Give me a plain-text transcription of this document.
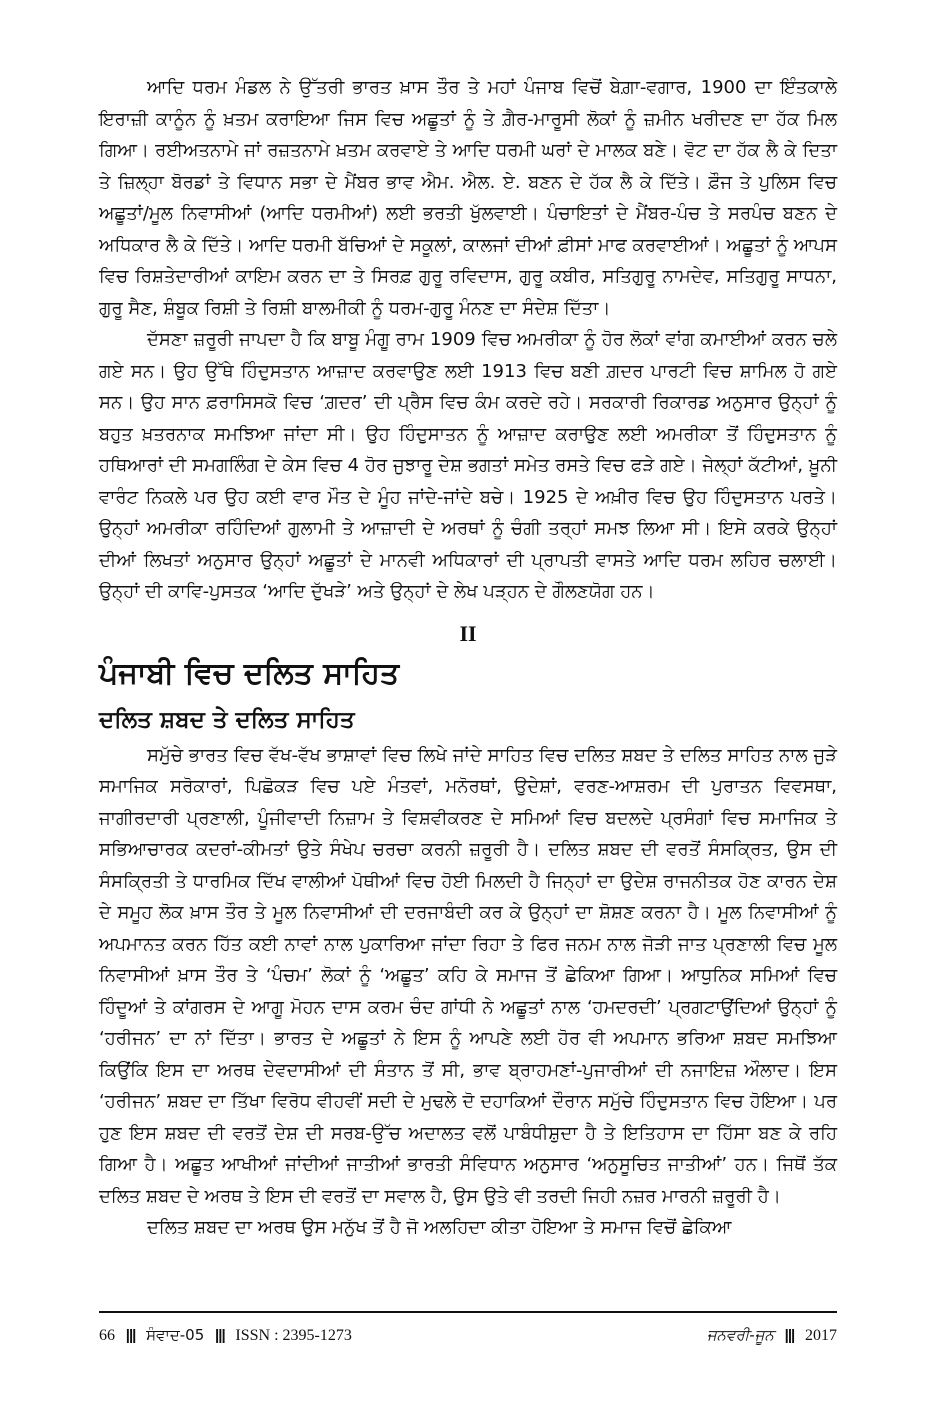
ਆਦਿ ਧਰਮ ਮੰਡਲ ਨੇ ਉੱਤਰੀ ਭਾਰਤ ਖ਼ਾਸ ਤੌਰ ਤੇ ਮਹਾਂ ਪੰਜਾਬ ਵਿਚੋਂ ਬੇਗ਼ਾ-ਵਗਾਰ, 1900 ਦਾ ਇੰਤਕਾਲੇ ਇਰਾਜ਼ੀ ਕਾਨੂੰਨ ਨੂੰ ਖ਼ਤਮ ਕਰਾਇਆ ਜਿਸ ਵਿਚ ਅਛੂਤਾਂ ਨੂੰ ਤੇ ਗ਼ੈਰ-ਮਾਰੂਸੀ ਲੋਕਾਂ ਨੂੰ ਜ਼ਮੀਨ ਖਰੀਦਣ ਦਾ ਹੱਕ ਮਿਲ ਗਿਆ। ਰਈਅਤਨਾਮੇ ਜਾਂ ਰਜ਼ਤਨਾਮੇ ਖ਼ਤਮ ਕਰਵਾਏ ਤੇ ਆਦਿ ਧਰਮੀ ਘਰਾਂ ਦੇ ਮਾਲਕ ਬਣੇ। ਵੋਟ ਦਾ ਹੱਕ ਲੈ ਕੇ ਦਿਤਾ ਤੇ ਜ਼ਿਲ੍ਹਾ ਬੋਰਡਾਂ ਤੇ ਵਿਧਾਨ ਸਭਾ ਦੇ ਮੈਂਬਰ ਭਾਵ ਐਮ. ਐਲ. ਏ. ਬਣਨ ਦੇ ਹੱਕ ਲੈ ਕੇ ਦਿੱਤੇ। ਫ਼ੌਜ ਤੇ ਪੁਲਿਸ ਵਿਚ ਅਛੂਤਾਂ/ਮੂਲ ਨਿਵਾਸੀਆਂ (ਆਦਿ ਧਰਮੀਆਂ) ਲਈ ਭਰਤੀ ਖੁੱਲਵਾਈ। ਪੰਚਾਇਤਾਂ ਦੇ ਮੈਂਬਰ-ਪੰਚ ਤੇ ਸਰਪੰਚ ਬਣਨ ਦੇ ਅਧਿਕਾਰ ਲੈ ਕੇ ਦਿੱਤੇ। ਆਦਿ ਧਰਮੀ ਬੱਚਿਆਂ ਦੇ ਸਕੂਲਾਂ, ਕਾਲਜਾਂ ਦੀਆਂ ਫ਼ੀਸਾਂ ਮਾਫ ਕਰਵਾਈਆਂ। ਅਛੂਤਾਂ ਨੂੰ ਆਪਸ ਵਿਚ ਰਿਸ਼ਤੇਦਾਰੀਆਂ ਕਾਇਮ ਕਰਨ ਦਾ ਤੇ ਸਿਰਫ਼ ਗੁਰੂ ਰਵਿਦਾਸ, ਗੁਰੂ ਕਬੀਰ, ਸਤਿਗੁਰੂ ਨਾਮਦੇਵ, ਸਤਿਗੁਰੂ ਸਾਧਨਾ, ਗੁਰੂ ਸੈਣ, ਸ਼ੰਬੂਕ ਰਿਸ਼ੀ ਤੇ ਰਿਸ਼ੀ ਬਾਲਮੀਕੀ ਨੂੰ ਧਰਮ-ਗੁਰੂ ਮੰਨਣ ਦਾ ਸੰਦੇਸ਼ ਦਿੱਤਾ।

ਦੱਸਣਾ ਜ਼ਰੂਰੀ ਜਾਪਦਾ ਹੈ ਕਿ ਬਾਬੂ ਮੰਗੂ ਰਾਮ 1909 ਵਿਚ ਅਮਰੀਕਾ ਨੂੰ ਹੋਰ ਲੋਕਾਂ ਵਾਂਗ ਕਮਾਈਆਂ ਕਰਨ ਚਲੇ ਗਏ ਸਨ। ਉਹ ਉੱਥੇ ਹਿੰਦੁਸਤਾਨ ਆਜ਼ਾਦ ਕਰਵਾਉਣ ਲਈ 1913 ਵਿਚ ਬਣੀ ਗ਼ਦਰ ਪਾਰਟੀ ਵਿਚ ਸ਼ਾਮਿਲ ਹੋ ਗਏ ਸਨ। ਉਹ ਸਾਨ ਫ਼ਰਾਸਿਸਕੋ ਵਿਚ ‘ਗ਼ਦਰ’ ਦੀ ਪ੍ਰੈਸ ਵਿਚ ਕੰਮ ਕਰਦੇ ਰਹੇ। ਸਰਕਾਰੀ ਰਿਕਾਰਡ ਅਨੁਸਾਰ ਉਨ੍ਹਾਂ ਨੂੰ ਬਹੁਤ ਖ਼ਤਰਨਾਕ ਸਮਝਿਆ ਜਾਂਦਾ ਸੀ। ਉਹ ਹਿੰਦੁਸਾਤਨ ਨੂੰ ਆਜ਼ਾਦ ਕਰਾਉਣ ਲਈ ਅਮਰੀਕਾ ਤੋਂ ਹਿੰਦੁਸਤਾਨ ਨੂੰ ਹਥਿਆਰਾਂ ਦੀ ਸਮਗਲਿੰਗ ਦੇ ਕੇਸ ਵਿਚ 4 ਹੋਰ ਜੁਝਾਰੂ ਦੇਸ਼ ਭਗਤਾਂ ਸਮੇਤ ਰਸਤੇ ਵਿਚ ਫੜੇ ਗਏ। ਜੇਲ੍ਹਾਂ ਕੱਟੀਆਂ, ਖ਼ੂਨੀ ਵਾਰੰਟ ਨਿਕਲੇ ਪਰ ਉਹ ਕਈ ਵਾਰ ਮੌਤ ਦੇ ਮੂੰਹ ਜਾਂਦੇ-ਜਾਂਦੇ ਬਚੇ। 1925 ਦੇ ਅਖ਼ੀਰ ਵਿਚ ਉਹ ਹਿੰਦੁਸਤਾਨ ਪਰਤੇ। ਉਨ੍ਹਾਂ ਅਮਰੀਕਾ ਰਹਿੰਦਿਆਂ ਗੁਲਾਮੀ ਤੇ ਆਜ਼ਾਦੀ ਦੇ ਅਰਥਾਂ ਨੂੰ ਚੰਗੀ ਤਰ੍ਹਾਂ ਸਮਝ ਲਿਆ ਸੀ। ਇਸੇ ਕਰਕੇ ਉਨ੍ਹਾਂ ਦੀਆਂ ਲਿਖਤਾਂ ਅਨੁਸਾਰ ਉਨ੍ਹਾਂ ਅਛੂਤਾਂ ਦੇ ਮਾਨਵੀ ਅਧਿਕਾਰਾਂ ਦੀ ਪ੍ਰਾਪਤੀ ਵਾਸਤੇ ਆਦਿ ਧਰਮ ਲਹਿਰ ਚਲਾਈ। ਉਨ੍ਹਾਂ ਦੀ ਕਾਵਿ-ਪੁਸਤਕ ‘ਆਦਿ ਦੁੱਖੜੇ’ ਅਤੇ ਉਨ੍ਹਾਂ ਦੇ ਲੇਖ ਪੜ੍ਹਨ ਦੇ ਗੌਲਣਯੋਗ ਹਨ।

II
ਪੰਜਾਬੀ ਵਿਚ ਦਲਿਤ ਸਾਹਿਤ
ਦਲਿਤ ਸ਼ਬਦ ਤੇ ਦਲਿਤ ਸਾਹਿਤ

ਸਮੁੱਚੇ ਭਾਰਤ ਵਿਚ ਵੱਖ-ਵੱਖ ਭਾਸ਼ਾਵਾਂ ਵਿਚ ਲਿਖੇ ਜਾਂਦੇ ਸਾਹਿਤ ਵਿਚ ਦਲਿਤ ਸ਼ਬਦ ਤੇ ਦਲਿਤ ਸਾਹਿਤ ਨਾਲ ਜੁੜੇ ਸਮਾਜਿਕ ਸਰੋਕਾਰਾਂ, ਪਿਛੋਕੜ ਵਿਚ ਪਏ ਮੰਤਵਾਂ, ਮਨੋਰਥਾਂ, ਉਦੇਸ਼ਾਂ, ਵਰਣ-ਆਸ਼ਰਮ ਦੀ ਪੁਰਾਤਨ ਵਿਵਸਥਾ, ਜਾਗੀਰਦਾਰੀ ਪ੍ਰਣਾਲੀ, ਪੂੰਜੀਵਾਦੀ ਨਿਜ਼ਾਮ ਤੇ ਵਿਸ਼ਵੀਕਰਣ ਦੇ ਸਮਿਆਂ ਵਿਚ ਬਦਲਦੇ ਪ੍ਰਸੰਗਾਂ ਵਿਚ ਸਮਾਜਿਕ ਤੇ ਸਭਿਆਚਾਰਕ ਕਦਰਾਂ-ਕੀਮਤਾਂ ਉਤੇ ਸੰਖੇਪ ਚਰਚਾ ਕਰਨੀ ਜ਼ਰੂਰੀ ਹੈ। ਦਲਿਤ ਸ਼ਬਦ ਦੀ ਵਰਤੋਂ ਸੰਸਕ੍ਰਿਤ, ਉਸ ਦੀ ਸੰਸਕ੍ਰਿਤੀ ਤੇ ਧਾਰਮਿਕ ਦਿੱਖ ਵਾਲੀਆਂ ਪੋਥੀਆਂ ਵਿਚ ਹੋਈ ਮਿਲਦੀ ਹੈ ਜਿਨ੍ਹਾਂ ਦਾ ਉਦੇਸ਼ ਰਾਜਨੀਤਕ ਹੋਣ ਕਾਰਨ ਦੇਸ਼ ਦੇ ਸਮੂਹ ਲੋਕ ਖ਼ਾਸ ਤੌਰ ਤੇ ਮੂਲ ਨਿਵਾਸੀਆਂ ਦੀ ਦਰਜਾਬੰਦੀ ਕਰ ਕੇ ਉਨ੍ਹਾਂ ਦਾ ਸ਼ੋਸ਼ਣ ਕਰਨਾ ਹੈ। ਮੂਲ ਨਿਵਾਸੀਆਂ ਨੂੰ ਅਪਮਾਨਤ ਕਰਨ ਹਿੱਤ ਕਈ ਨਾਵਾਂ ਨਾਲ ਪੁਕਾਰਿਆ ਜਾਂਦਾ ਰਿਹਾ ਤੇ ਫਿਰ ਜਨਮ ਨਾਲ ਜੋੜੀ ਜਾਤ ਪ੍ਰਣਾਲੀ ਵਿਚ ਮੂਲ ਨਿਵਾਸੀਆਂ ਖ਼ਾਸ ਤੌਰ ਤੇ ‘ਪੰਚਮ’ ਲੋਕਾਂ ਨੂੰ ‘ਅਛੂਤ’ ਕਹਿ ਕੇ ਸਮਾਜ ਤੋਂ ਛੇਕਿਆ ਗਿਆ। ਆਧੁਨਿਕ ਸਮਿਆਂ ਵਿਚ ਹਿੰਦੂਆਂ ਤੇ ਕਾਂਗਰਸ ਦੇ ਆਗੂ ਮੋਹਨ ਦਾਸ ਕਰਮ ਚੰਦ ਗਾਂਧੀ ਨੇ ਅਛੂਤਾਂ ਨਾਲ ‘ਹਮਦਰਦੀ’ ਪ੍ਰਗਟਾਉਂਦਿਆਂ ਉਨ੍ਹਾਂ ਨੂੰ ‘ਹਰੀਜਨ’ ਦਾ ਨਾਂ ਦਿੱਤਾ। ਭਾਰਤ ਦੇ ਅਛੂਤਾਂ ਨੇ ਇਸ ਨੂੰ ਆਪਣੇ ਲਈ ਹੋਰ ਵੀ ਅਪਮਾਨ ਭਰਿਆ ਸ਼ਬਦ ਸਮਝਿਆ ਕਿਉਂਕਿ ਇਸ ਦਾ ਅਰਥ ਦੇਵਦਾਸੀਆਂ ਦੀ ਸੰਤਾਨ ਤੋਂ ਸੀ, ਭਾਵ ਬ੍ਰਾਹਮਣਾਂ-ਪੁਜਾਰੀਆਂ ਦੀ ਨਜਾਇਜ਼ ਔਲਾਦ। ਇਸ ‘ਹਰੀਜਨ’ ਸ਼ਬਦ ਦਾ ਤਿੱਖਾ ਵਿਰੋਧ ਵੀਹਵੀਂ ਸਦੀ ਦੇ ਮੁਢਲੇ ਦੋ ਦਹਾਕਿਆਂ ਦੌਰਾਨ ਸਮੁੱਚੇ ਹਿੰਦੁਸਤਾਨ ਵਿਚ ਹੋਇਆ। ਪਰ ਹੁਣ ਇਸ ਸ਼ਬਦ ਦੀ ਵਰਤੋਂ ਦੇਸ਼ ਦੀ ਸਰਬ-ਉੱਚ ਅਦਾਲਤ ਵਲੋਂ ਪਾਬੰਧੀਸ਼ੁਦਾ ਹੈ ਤੇ ਇਤਿਹਾਸ ਦਾ ਹਿੱਸਾ ਬਣ ਕੇ ਰਹਿ ਗਿਆ ਹੈ। ਅਛੂਤ ਆਖੀਆਂ ਜਾਂਦੀਆਂ ਜਾਤੀਆਂ ਭਾਰਤੀ ਸੰਵਿਧਾਨ ਅਨੁਸਾਰ ‘ਅਨੁਸੂਚਿਤ ਜਾਤੀਆਂ’ ਹਨ। ਜਿਥੋਂ ਤੱਕ ਦਲਿਤ ਸ਼ਬਦ ਦੇ ਅਰਥ ਤੇ ਇਸ ਦੀ ਵਰਤੋਂ ਦਾ ਸਵਾਲ ਹੈ, ਉਸ ਉਤੇ ਵੀ ਤਰਦੀ ਜਿਹੀ ਨਜ਼ਰ ਮਾਰਨੀ ਜ਼ਰੂਰੀ ਹੈ।

ਦਲਿਤ ਸ਼ਬਦ ਦਾ ਅਰਥ ਉਸ ਮਨੁੱਖ ਤੋਂ ਹੈ ਜੋ ਅਲਹਿਦਾ ਕੀਤਾ ਹੋਇਆ ਤੇ ਸਮਾਜ ਵਿਚੋਂ ਛੇਕਿਆ

66 ||| ਸੰਵਾਦ-05 ||| ISSN : 2395-1273	ਜਨਵਰੀ-ਜੂਨ ||| 2017
